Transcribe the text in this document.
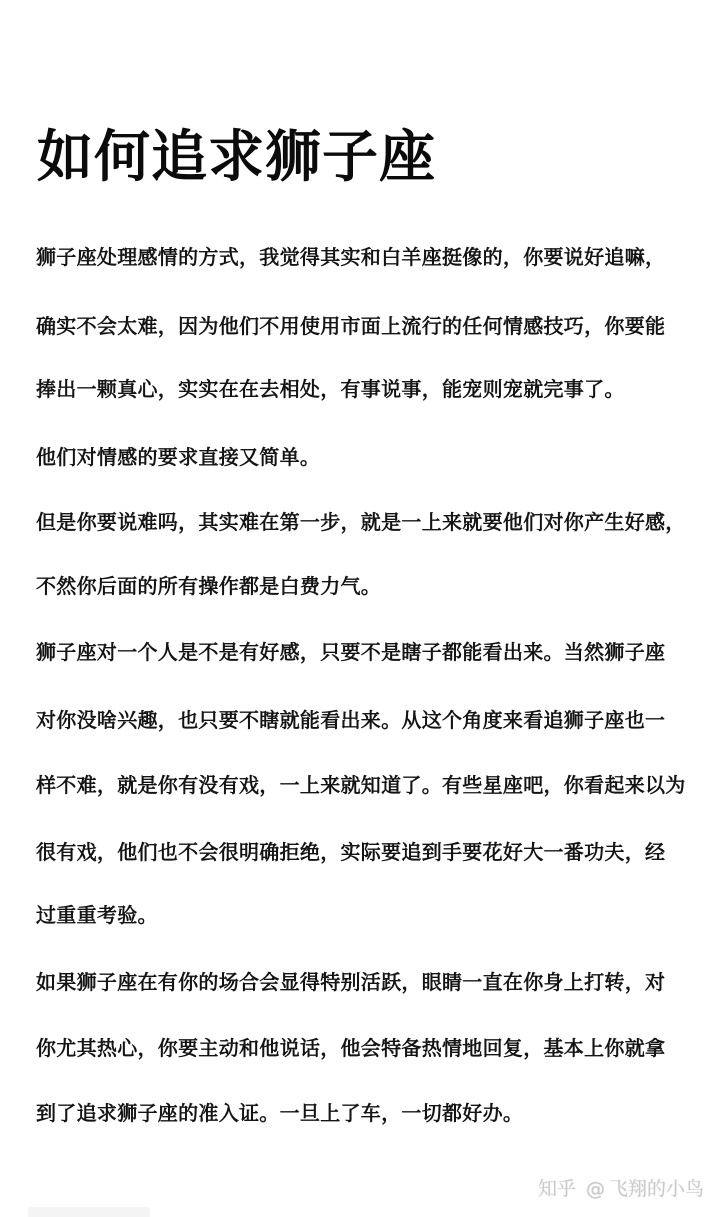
如何追求狮子座

狮子座处理感情的方式，我觉得其实和白羊座挺像的，你要说好追嘛，

确实不会太难，因为他们不用使用市面上流行的任何情感技巧，你要能

捧出一颗真心，实实在在去相处，有事说事，能宠则宠就完事了。

他们对情感的要求直接又简单。

但是你要说难吗，其实难在第一步，就是一上来就要他们对你产生好感，

不然你后面的所有操作都是白费力气。

狮子座对一个人是不是有好感，只要不是瞎子都能看出来。当然狮子座

对你没啥兴趣，也只要不瞎就能看出来。从这个角度来看追狮子座也一

样不难，就是你有没有戏，一上来就知道了。有些星座吧，你看起来以为

很有戏，他们也不会很明确拒绝，实际要追到手要花好大一番功夫，经

过重重考验。

如果狮子座在有你的场合会显得特别活跃，眼睛一直在你身上打转，对

你尤其热心，你要主动和他说话，他会特备热情地回复，基本上你就拿

到了追求狮子座的准入证。一旦上了车，一切都好办。

知乎 @ 飞翔的小鸟
